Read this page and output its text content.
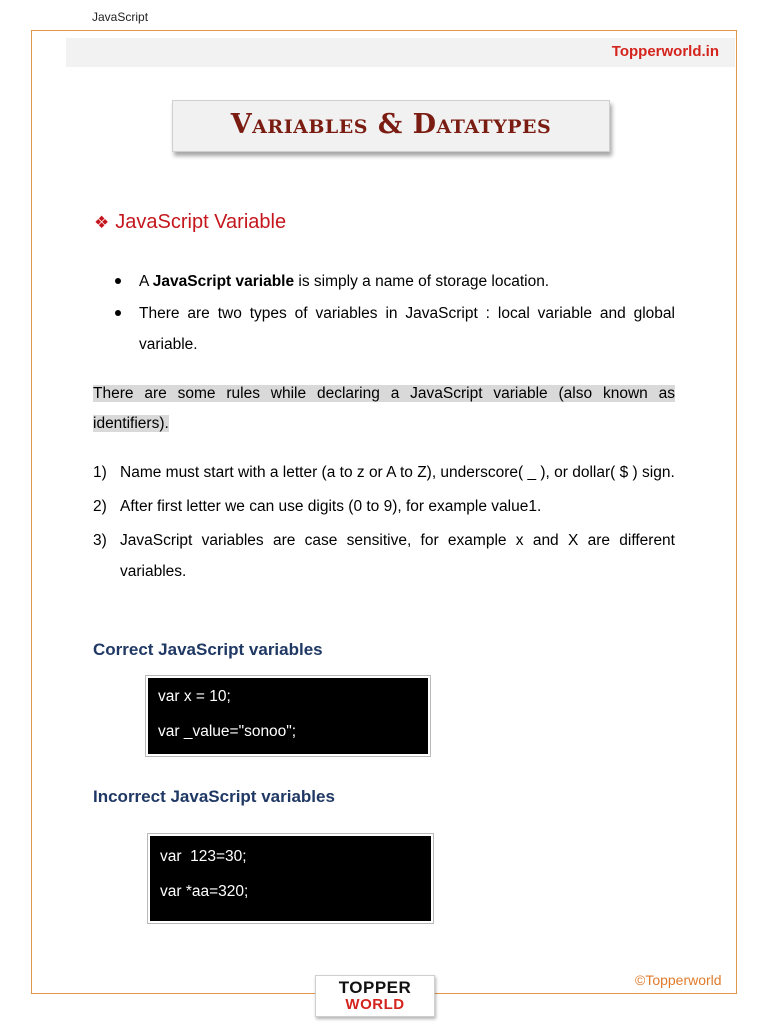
JavaScript
Topperworld.in
Variables & Datatypes
❖ JavaScript Variable
A JavaScript variable is simply a name of storage location.
There are two types of variables in JavaScript : local variable and global variable.
There are some rules while declaring a JavaScript variable (also known as identifiers).
1) Name must start with a letter (a to z or A to Z), underscore( _ ), or dollar( $ ) sign.
2) After first letter we can use digits (0 to 9), for example value1.
3) JavaScript variables are case sensitive, for example x and X are different variables.
Correct JavaScript variables
var x = 10;
var _value="sonoo";
Incorrect JavaScript variables
var  123=30;
var *aa=320;
©Topperworld
TOPPER
WORLD
